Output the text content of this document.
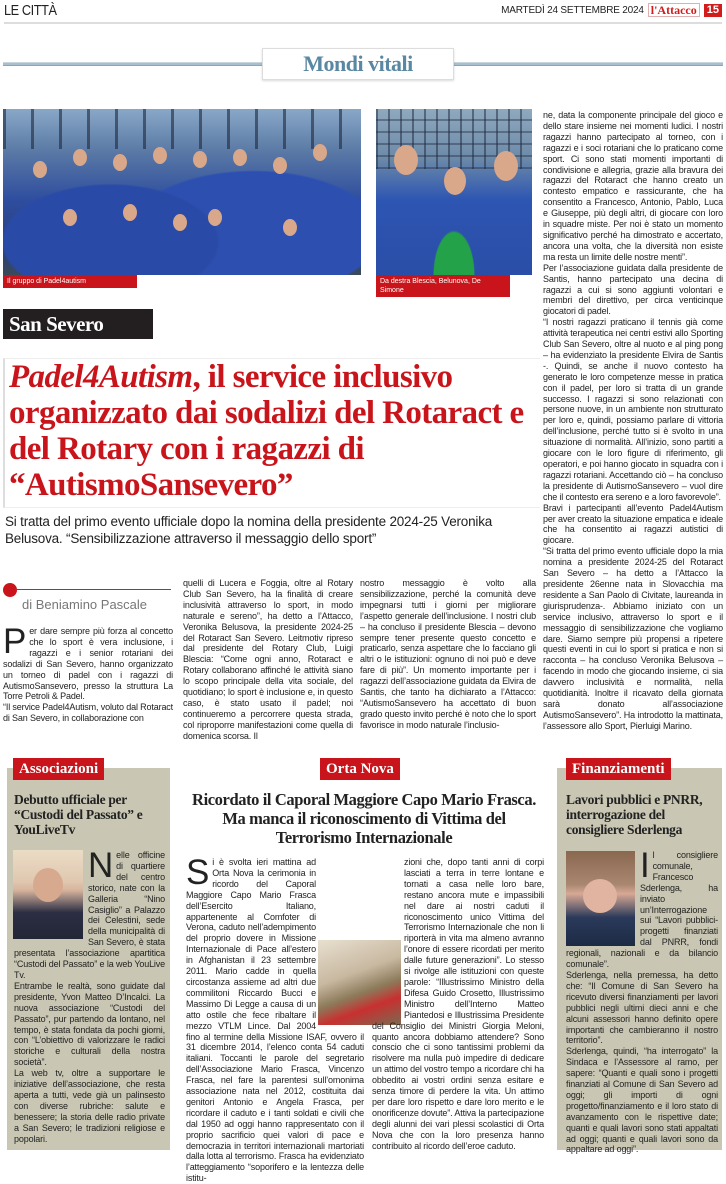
LE CITTÀ	MARTEDÌ 24 SETTEMBRE 2024 l'Attacco 15
Mondi vitali
Il gruppo di Padel4autism	Da destra Blescia, Belunova, De Simone
San Severo
Padel4Autism, il service inclusivo organizzato dai sodalizi del Rotaract e del Rotary con i ragazzi di “AutismoSansevero”
Si tratta del primo evento ufficiale dopo la nomina della presidente 2024-25 Veronika Belusova. “Sensibilizzazione attraverso il messaggio dello sport”
di Beniamino Pascale
P er dare sempre più forza al concetto che lo sport è vera inclusione, i ragazzi e i senior rotariani dei sodalizi di San Severo, hanno organizzato un torneo di padel con i ragazzi di AutismoSansevero, presso la struttura La Torre Petroli & Padel.

“Il service Padel4Autism, voluto dal Rotaract di San Severo, in collaborazione con

quelli di Lucera e Foggia, oltre al Rotary Club San Severo, ha la finalità di creare inclusività attraverso lo sport, in modo naturale e sereno”, ha detto a l’Attacco, Veronika Belusova, la presidente 2024-25 del Rotaract San Severo. Leitmotiv ripreso dal presidente del Rotary Club, Luigi Blescia: “Come ogni anno, Rotaract e Rotary collaborano affinché le attività siano lo scopo principale della vita sociale, del quotidiano; lo sport è inclusione e, in questo caso, è stato usato il padel; noi continueremo a percorrere questa strada, col riproporre manifestazioni come quella di domenica scorsa. Il

nostro messaggio è volto alla sensibilizzazione, perché la comunità deve impegnarsi tutti i giorni per migliorare l’aspetto generale dell’inclusione. I nostri club – ha concluso il presidente Blescia – devono sempre tener presente questo concetto e praticarlo, senza aspettare che lo facciano gli altri o le istituzioni: ognuno di noi può e deve fare di più”. Un momento importante per i ragazzi dell’associazione guidata da Elvira de Santis, che tanto ha dichiarato a l’Attacco: “AutismoSansevero ha accettato di buon grado questo invito perché è noto che lo sport favorisce in modo naturale l’inclusio-

ne, data la componente principale del gioco e dello stare insieme nei momenti ludici. I nostri ragazzi hanno partecipato al torneo, con i ragazzi e i soci rotariani che lo praticano come sport. Ci sono stati momenti importanti di condivisione e allegria, grazie alla bravura dei ragazzi del Rotaract che hanno creato un contesto empatico e rassicurante, che ha consentito a Francesco, Antonio, Pablo, Luca e Giuseppe, più degli altri, di giocare con loro in squadre miste. Per noi è stato un momento significativo perché ha dimostrato e accertato, ancora una volta, che la diversità non esiste ma resta un limite delle nostre menti”.

Per l’associazione guidata dalla presidente de Santis, hanno partecipato una decina di ragazzi a cui si sono aggiunti volontari e membri del direttivo, per circa venticinque giocatori di padel.

“I nostri ragazzi praticano il tennis già come attività terapeutica nei centri estivi allo Sporting Club San Severo, oltre al nuoto e al ping pong – ha evidenziato la presidente Elvira de Santis -. Quindi, se anche il nuovo contesto ha generato le loro competenze messe in pratica con il padel, per loro si tratta di un grande successo. I ragazzi si sono relazionati con persone nuove, in un ambiente non strutturato per loro e, quindi, possiamo parlare di vittoria dell’inclusione, perché tutto si è svolto in una situazione di normalità. All’inizio, sono partiti a giocare con le loro figure di riferimento, gli operatori, e poi hanno giocato in squadra con i ragazzi rotariani. Accettando ciò – ha concluso la presidente di AutismoSansevero – vuol dire che il contesto era sereno e a loro favorevole”.

Bravi i partecipanti all’evento Padel4Autism per aver creato la situazione empatica e ideale che ha consentito ai ragazzi autistici di giocare.

“Si tratta del primo evento ufficiale dopo la mia nomina a presidente 2024-25 del Rotaract San Severo – ha detto a l’Attacco la presidente 26enne nata in Slovacchia ma residente a San Paolo di Civitate, laureanda in giurisprudenza-. Abbiamo iniziato con un service inclusivo, attraverso lo sport e il messaggio di sensibilizzazione che vogliamo dare. Siamo sempre più propensi a ripetere questi eventi in cui lo sport si pratica e non si racconta – ha concluso Veronika Belusova – facendo in modo che giocando insieme, ci sia davvero inclusività e normalità, nella quotidianità. Inoltre il ricavato della giornata sarà donato all’associazione AutismoSansevero”. Ha introdotto la mattinata, l’assessore allo Sport, Pierluigi Marino.

Associazioni
Debutto ufficiale per “Custodi del Passato” e YouLiveTv
N elle officine di quartiere del centro storico, nate con la Galleria “Nino Casiglio” a Palazzo dei Celestini, sede della municipalità di San Severo, è stata presentata l’associazione apartitica “Custodi del Passato” e la web YouLive Tv.

Entrambe le realtà, sono guidate dal presidente, Yvon Matteo D’Incalci. La nuova associazione “Custodi del Passato”, pur partendo da lontano, nel tempo, è stata fondata da pochi giorni, con “L’obiettivo di valorizzare le radici storiche e culturali della nostra società”.

La web tv, oltre a supportare le iniziative dell’associazione, che resta aperta a tutti, vede già un palinsesto con diverse rubriche: salute e benessere; la storia delle radio private a San Severo; le tradizioni religiose e popolari.

Orta Nova
Ricordato il Caporal Maggiore Capo Mario Frasca. Ma manca il riconoscimento di Vittima del Terrorismo Internazionale
S i è svolta ieri mattina ad Orta Nova la cerimonia in ricordo del Caporal Maggiore Capo Mario Frasca dell’Esercito Italiano, appartenente al Comfoter di Verona, caduto nell’adempimento del proprio dovere in Missione Internazionale di Pace all’estero in Afghanistan il 23 settembre 2011. Mario cadde in quella circostanza assieme ad altri due commilitoni Riccardo Bucci e Massimo Di Legge a causa di un atto ostile che fece ribaltare il mezzo VTLM Lince. Dal 2004 fino al termine della Missione ISAF, ovvero il 31 dicembre 2014, l’elenco conta 54 caduti italiani. Toccanti le parole del segretario dell’Associazione Mario Frasca, Vincenzo Frasca, nel fare la parentesi sull’omonima associazione nata nel 2012, costituita dai genitori Antonio e Angela Frasca, per ricordare il caduto e i tanti soldati e civili che dal 1950 ad oggi hanno rappresentato con il proprio sacrificio quei valori di pace e democrazia in territori internazionali martoriati dalla lotta al terrorismo. Frasca ha evidenziato l’atteggiamento “soporifero e la lentezza delle istitu-

zioni che, dopo tanti anni di corpi lasciati a terra in terre lontane e tornati a casa nelle loro bare, restano ancora mute e impassibili nel dare ai nostri caduti il riconoscimento unico Vittima del Terrorismo Internazionale che non li riporterà in vita ma almeno avranno l’onore di essere ricordati per merito dalle future generazioni”. Lo stesso si rivolge alle istituzioni con queste parole: “Illustrissimo Ministro della Difesa Guido Crosetto, Illustrissimo Ministro dell’Interno Matteo Piantedosi e Illustrissima Presidente del Consiglio dei Ministri Giorgia Meloni, quanto ancora dobbiamo attendere? Sono conscio che ci sono tantissimi problemi da risolvere ma nulla può impedire di dedicare un attimo del vostro tempo a ricordare chi ha obbedito ai vostri ordini senza esitare e senza timore di perdere la vita. Un attimo per dare loro rispetto e dare loro merito e le onorificenze dovute”. Attiva la partecipazione degli alunni dei vari plessi scolastici di Orta Nova che con la loro presenza hanno contribuito al ricordo dell’eroe caduto.

Finanziamenti
Lavori pubblici e PNRR, interrogazione del consigliere Sderlenga
I l consigliere comunale, Francesco Sderlenga, ha inviato un’Interrogazione sui “Lavori pubblici-progetti finanziati dal PNRR, fondi regionali, nazionali e da bilancio comunale”.

Sderlenga, nella premessa, ha detto che: “Il Comune di San Severo ha ricevuto diversi finanziamenti per lavori pubblici negli ultimi dieci anni e che alcuni assessori hanno definito opere importanti che cambieranno il nostro territorio”.

Sderlenga, quindi, “ha interrogato” la Sindaca e l’Assessore al ramo, per sapere: “Quanti e quali sono i progetti finanziati al Comune di San Severo ad oggi; gli importi di ogni progetto/finanziamento e il loro stato di avanzamento con le rispettive date; quanti e quali lavori sono stati appaltati ad oggi; quanti e quali lavori sono da appaltare ad oggi”.
